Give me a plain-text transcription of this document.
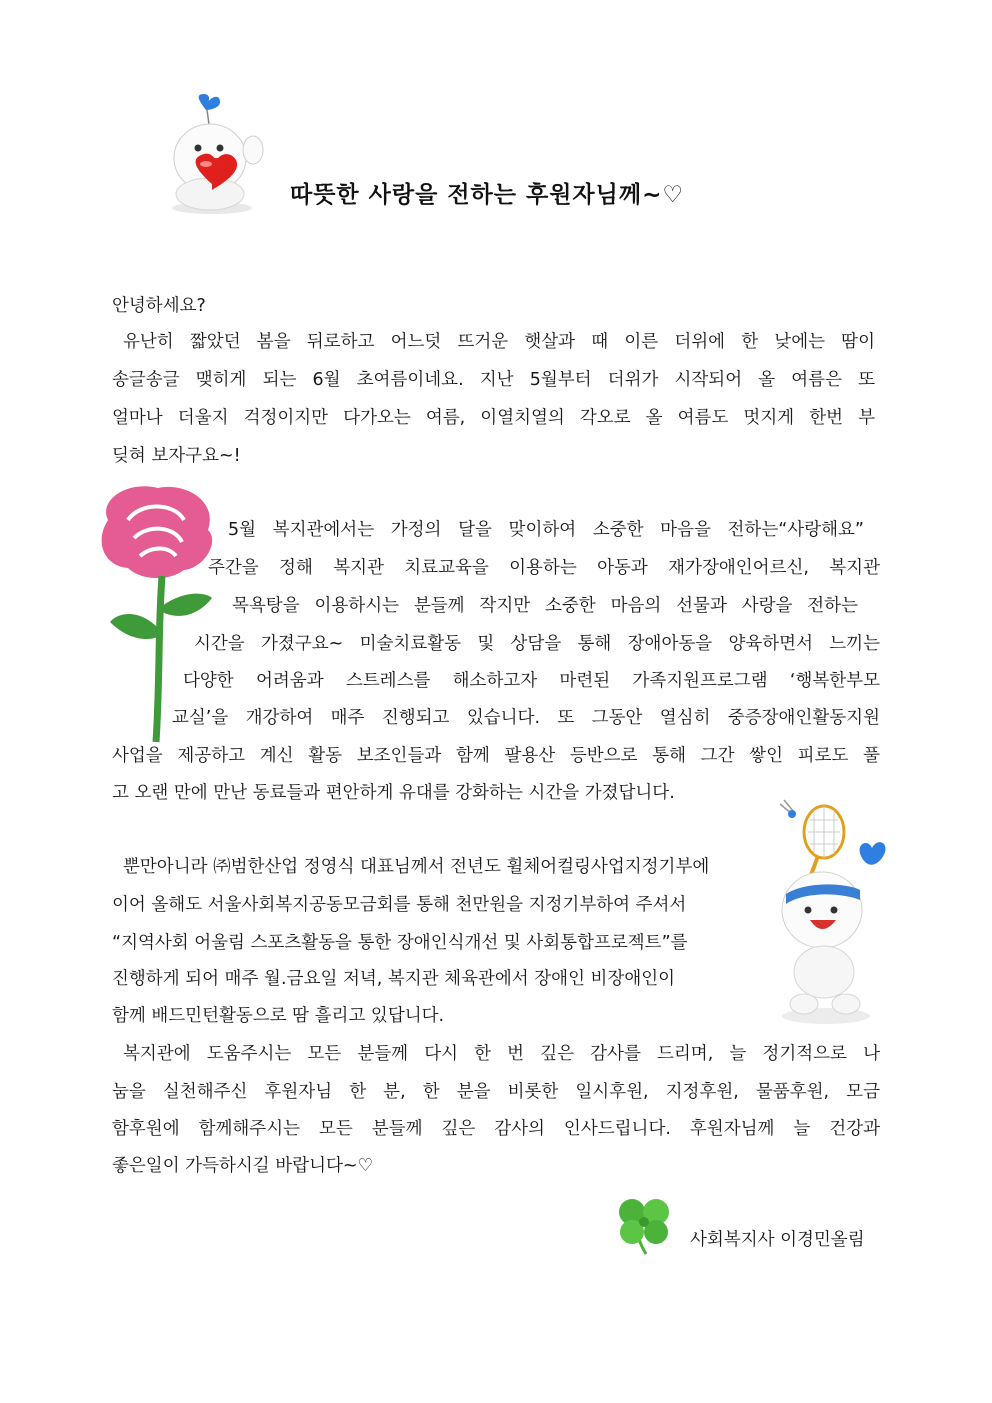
따뜻한 사랑을 전하는 후원자님께~♡
안녕하세요?
유난히 짧았던 봄을 뒤로하고 어느덧 뜨거운 햇살과 때 이른 더위에 한 낮에는 땀이
송글송글 맺히게 되는 6월 초여름이네요. 지난 5월부터 더위가 시작되어 올 여름은 또
얼마나 더울지 걱정이지만 다가오는 여름, 이열치열의 각오로 올 여름도 멋지게 한번 부
딪혀 보자구요~!
5월 복지관에서는 가정의 달을 맞이하여 소중한 마음을 전하는“사랑해요”
주간을 정해 복지관 치료교육을 이용하는 아동과 재가장애인어르신, 복지관
목욕탕을 이용하시는 분들께 작지만 소중한 마음의 선물과 사랑을 전하는
시간을 가졌구요~ 미술치료활동 및 상담을 통해 장애아동을 양육하면서 느끼는
다양한 어려움과 스트레스를 해소하고자 마련된 가족지원프로그램 ‘행복한부모
교실’을 개강하여 매주 진행되고 있습니다. 또 그동안 열심히 중증장애인활동지원
사업을 제공하고 계신 활동 보조인들과 함께 팔용산 등반으로 통해 그간 쌓인 피로도 풀
고 오랜 만에 만난 동료들과 편안하게 유대를 강화하는 시간을 가졌답니다.
뿐만아니라 ㈜범한산업 정영식 대표님께서 전년도 휠체어컬링사업지정기부에
이어 올해도 서울사회복지공동모금회를 통해 천만원을 지정기부하여 주셔서
“지역사회 어울림 스포츠활동을 통한 장애인식개선 및 사회통합프로젝트”를
진행하게 되어 매주 월․금요일 저녁, 복지관 체육관에서 장애인 비장애인이
함께 배드민턴활동으로 땀 흘리고 있답니다.
복지관에 도움주시는 모든 분들께 다시 한 번 깊은 감사를 드리며, 늘 정기적으로 나
눔을 실천해주신 후원자님 한 분, 한 분을 비롯한 일시후원, 지정후원, 물품후원, 모금
함후원에 함께해주시는 모든 분들께 깊은 감사의 인사드립니다. 후원자님께 늘 건강과
좋은일이 가득하시길 바랍니다~♡
사회복지사 이경민올림
